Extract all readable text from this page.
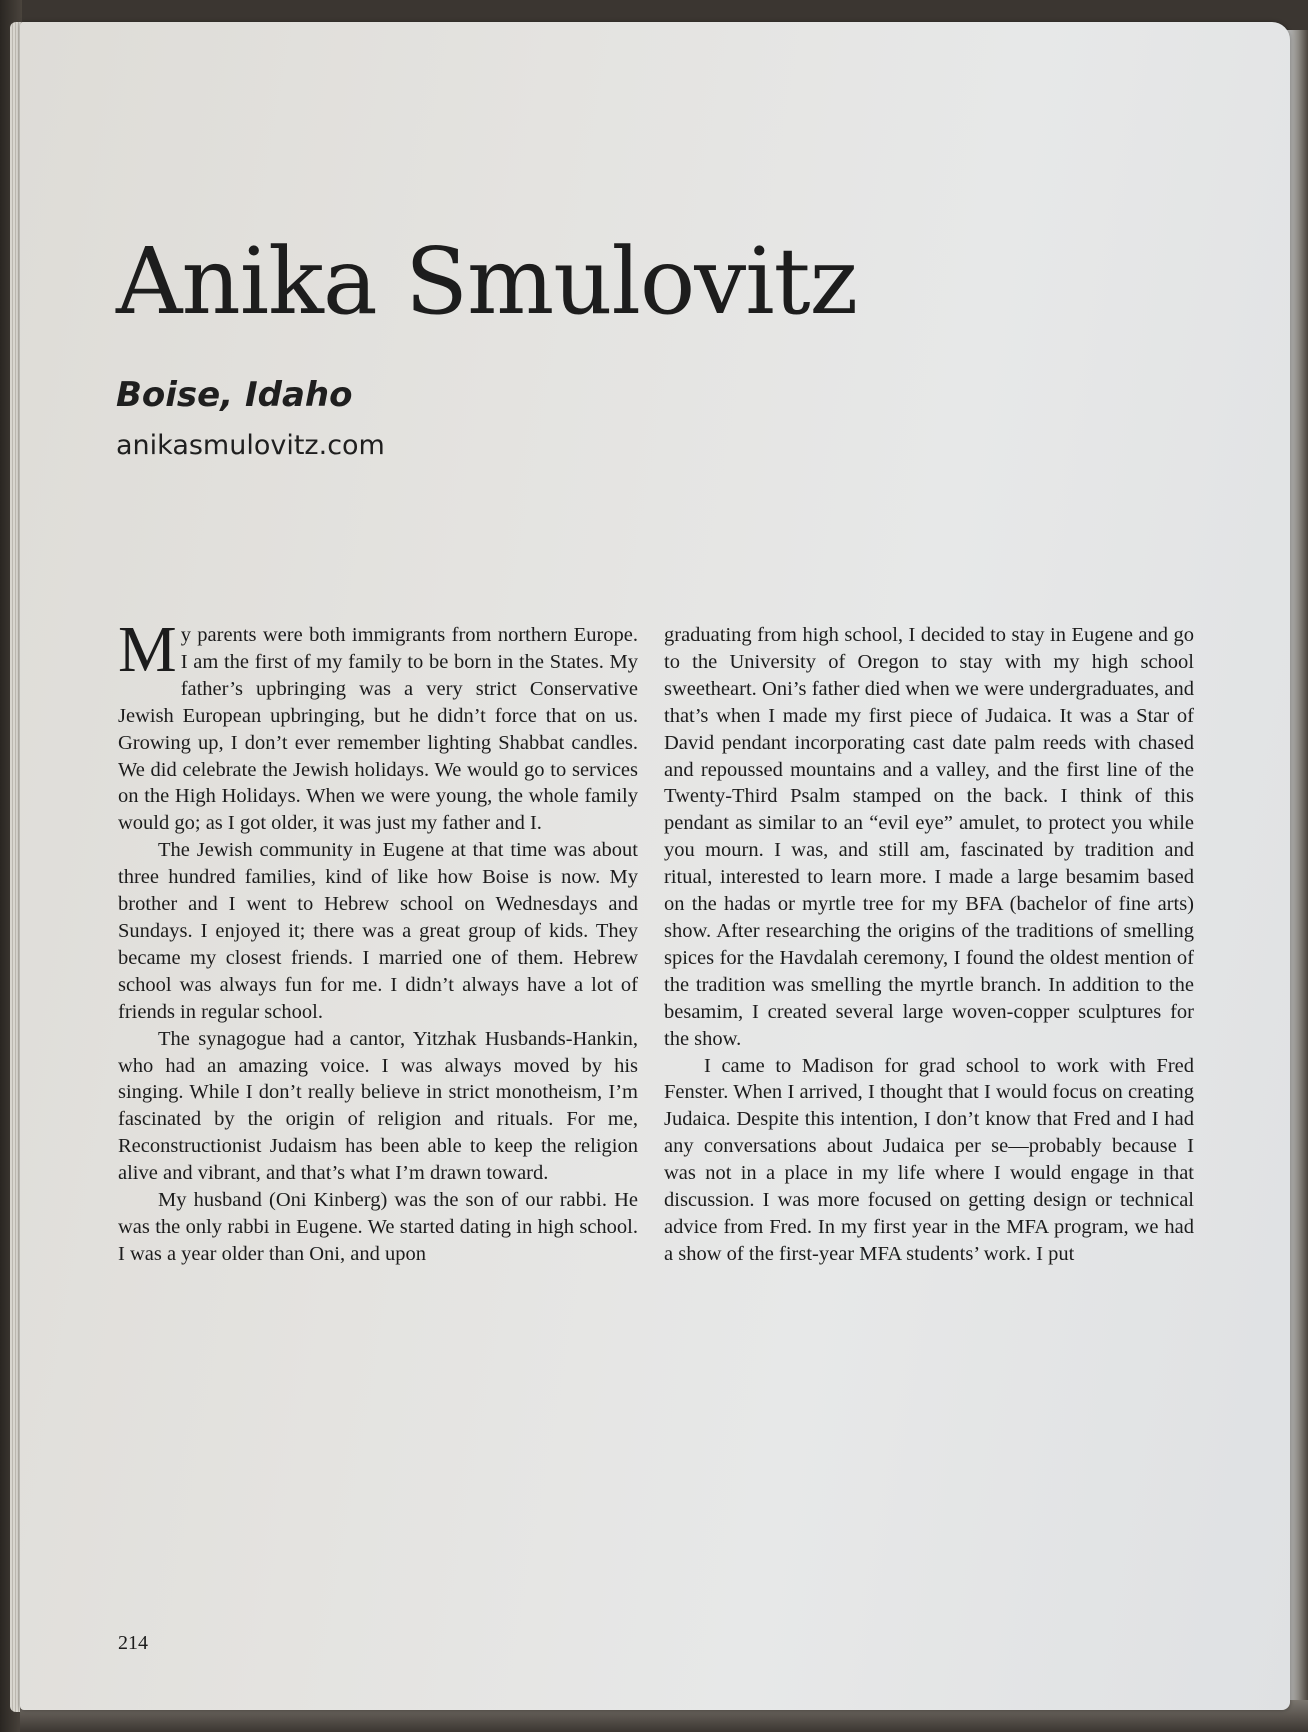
Anika Smulovitz

Boise, Idaho

anikasmulovitz.com

My parents were both immigrants from northern Europe. I am the first of my family to be born in the States. My father’s upbringing was a very strict Conservative Jewish European upbringing, but he didn’t force that on us. Growing up, I don’t ever remember lighting Shabbat candles. We did celebrate the Jewish holidays. We would go to services on the High Holidays. When we were young, the whole family would go; as I got older, it was just my father and I.

The Jewish community in Eugene at that time was about three hundred families, kind of like how Boise is now. My brother and I went to Hebrew school on Wednesdays and Sundays. I enjoyed it; there was a great group of kids. They became my closest friends. I married one of them. Hebrew school was always fun for me. I didn’t always have a lot of friends in regular school.

The synagogue had a cantor, Yitzhak Husbands-Hankin, who had an amazing voice. I was always moved by his singing. While I don’t really believe in strict monotheism, I’m fascinated by the origin of religion and rituals. For me, Reconstructionist Judaism has been able to keep the religion alive and vibrant, and that’s what I’m drawn toward.

My husband (Oni Kinberg) was the son of our rabbi. He was the only rabbi in Eugene. We started dating in high school. I was a year older than Oni, and upon

graduating from high school, I decided to stay in Eugene and go to the University of Oregon to stay with my high school sweetheart. Oni’s father died when we were undergraduates, and that’s when I made my first piece of Judaica. It was a Star of David pendant incorporating cast date palm reeds with chased and repoussed mountains and a valley, and the first line of the Twenty-Third Psalm stamped on the back. I think of this pendant as similar to an “evil eye” amulet, to protect you while you mourn. I was, and still am, fascinated by tradition and ritual, interested to learn more. I made a large besamim based on the hadas or myrtle tree for my BFA (bachelor of fine arts) show. After researching the origins of the traditions of smelling spices for the Havdalah ceremony, I found the oldest mention of the tradition was smelling the myrtle branch. In addition to the besamim, I created several large woven-copper sculptures for the show.

I came to Madison for grad school to work with Fred Fenster. When I arrived, I thought that I would focus on creating Judaica. Despite this intention, I don’t know that Fred and I had any conversations about Judaica per se—probably because I was not in a place in my life where I would engage in that discussion. I was more focused on getting design or technical advice from Fred. In my first year in the MFA program, we had a show of the first-year MFA students’ work. I put

214
